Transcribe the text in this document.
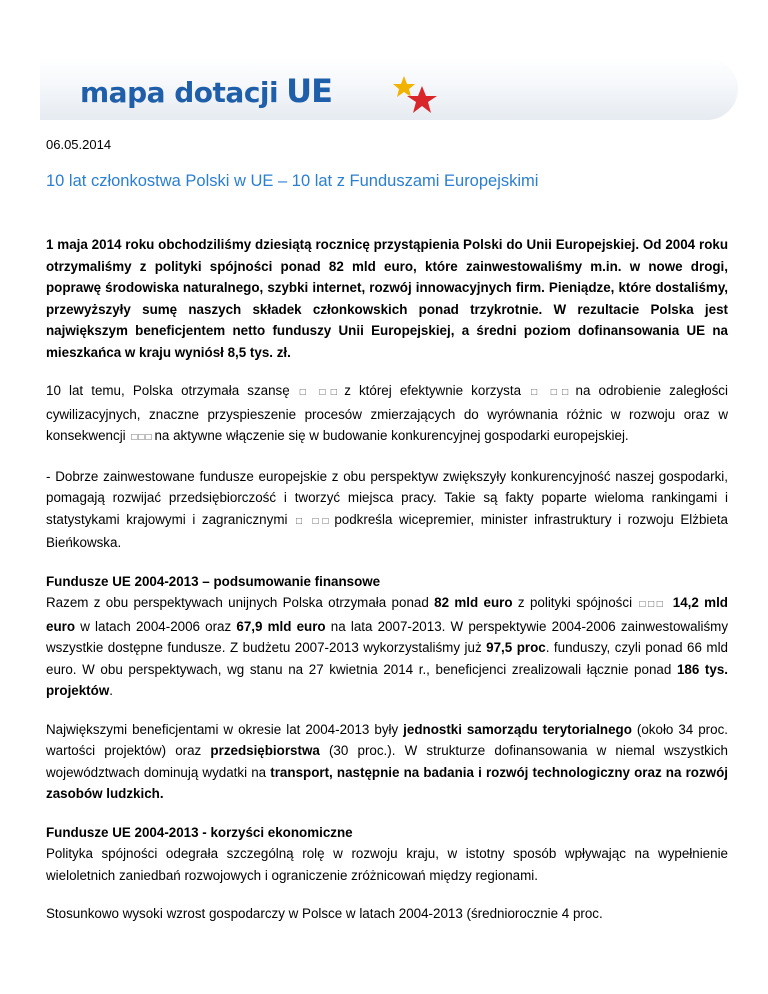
mapa dotacji UE
06.05.2014
10 lat członkostwa Polski w UE – 10 lat z Funduszami Europejskimi

1 maja 2014 roku obchodziliśmy dziesiątą rocznicę przystąpienia Polski do Unii Europejskiej. Od 2004 roku otrzymaliśmy z polityki spójności ponad 82 mld euro, które zainwestowaliśmy m.in. w nowe drogi, poprawę środowiska naturalnego, szybki internet, rozwój innowacyjnych firm. Pieniądze, które dostaliśmy, przewyższyły sumę naszych składek członkowskich ponad trzykrotnie. W rezultacie Polska jest największym beneficjentem netto funduszy Unii Europejskiej, a średni poziom dofinansowania UE na mieszkańca w kraju wyniósł 8,5 tys. zł.

10 lat temu, Polska otrzymała szansę □ □□ z której efektywnie korzysta □ □□ na odrobienie zaległości cywilizacyjnych, znaczne przyspieszenie procesów zmierzających do wyrównania różnic w rozwoju oraz w konsekwencji □□□ na aktywne włączenie się w budowanie konkurencyjnej gospodarki europejskiej.

- Dobrze zainwestowane fundusze europejskie z obu perspektyw zwiększyły konkurencyjność naszej gospodarki, pomagają rozwijać przedsiębiorczość i tworzyć miejsca pracy. Takie są fakty poparte wieloma rankingami i statystykami krajowymi i zagranicznymi □ □□ podkreśla wicepremier, minister infrastruktury i rozwoju Elżbieta Bieńkowska.

Fundusze UE 2004-2013 – podsumowanie finansowe
Razem z obu perspektywach unijnych Polska otrzymała ponad 82 mld euro z polityki spójności □□□ 14,2 mld euro w latach 2004-2006 oraz 67,9 mld euro na lata 2007-2013. W perspektywie 2004-2006 zainwestowaliśmy wszystkie dostępne fundusze. Z budżetu 2007-2013 wykorzystaliśmy już 97,5 proc. funduszy, czyli ponad 66 mld euro. W obu perspektywach, wg stanu na 27 kwietnia 2014 r., beneficjenci zrealizowali łącznie ponad 186 tys. projektów.

Największymi beneficjentami w okresie lat 2004-2013 były jednostki samorządu terytorialnego (około 34 proc. wartości projektów) oraz przedsiębiorstwa (30 proc.). W strukturze dofinansowania w niemal wszystkich województwach dominują wydatki na transport, następnie na badania i rozwój technologiczny oraz na rozwój zasobów ludzkich.

Fundusze UE 2004-2013 - korzyści ekonomiczne
Polityka spójności odegrała szczególną rolę w rozwoju kraju, w istotny sposób wpływając na wypełnienie wieloletnich zaniedbań rozwojowych i ograniczenie zróżnicowań między regionami.

Stosunkowo wysoki wzrost gospodarczy w Polsce w latach 2004-2013 (średniorocznie 4 proc.
